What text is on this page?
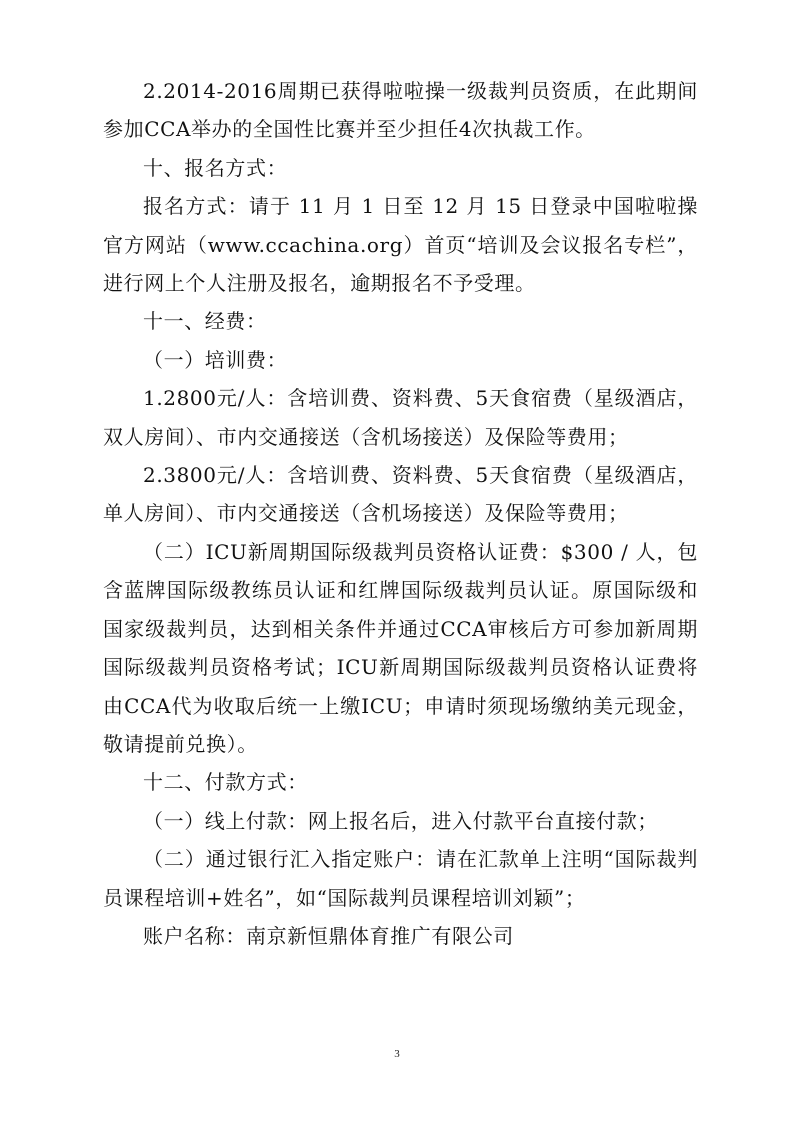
2.2014-2016周期已获得啦啦操一级裁判员资质，在此期间参加CCA举办的全国性比赛并至少担任4次执裁工作。

十、报名方式：

报名方式：请于 11 月 1 日至 12 月 15 日登录中国啦啦操官方网站（www.ccachina.org）首页“培训及会议报名专栏”，进行网上个人注册及报名，逾期报名不予受理。

十一、经费：

（一）培训费：

1.2800元/人：含培训费、资料费、5天食宿费（星级酒店，双人房间）、市内交通接送（含机场接送）及保险等费用；

2.3800元/人：含培训费、资料费、5天食宿费（星级酒店，单人房间）、市内交通接送（含机场接送）及保险等费用；

（二）ICU新周期国际级裁判员资格认证费：$300 / 人，包含蓝牌国际级教练员认证和红牌国际级裁判员认证。原国际级和国家级裁判员，达到相关条件并通过CCA审核后方可参加新周期国际级裁判员资格考试；ICU新周期国际级裁判员资格认证费将由CCA代为收取后统一上缴ICU；申请时须现场缴纳美元现金，敬请提前兑换）。

十二、付款方式：

（一）线上付款：网上报名后，进入付款平台直接付款；

（二）通过银行汇入指定账户：请在汇款单上注明“国际裁判员课程培训+姓名”，如“国际裁判员课程培训刘颖”；

账户名称：南京新恒鼎体育推广有限公司

3
